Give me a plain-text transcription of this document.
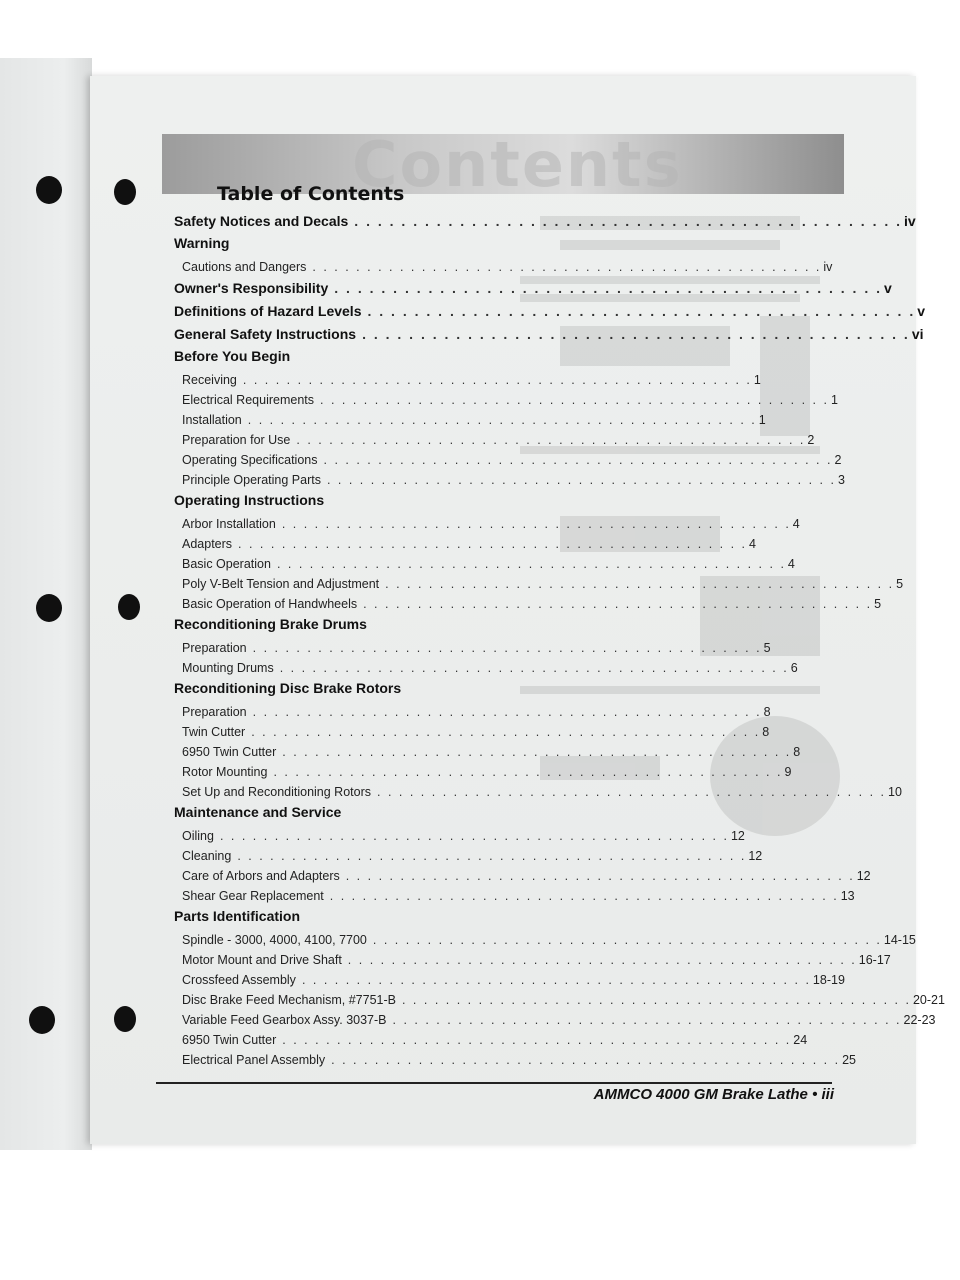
Contents
Table of Contents
Safety Notices and Decals . . . . . . . . . . . . . . . . . . . . . . . . . . . . . . . . . . . . . . . . . . . . . . . iv
Warning
Cautions and Dangers . . . . . . . . . . . . . . . . . . . . . . . . . . . . . . . . . . . . . . . . . . . . . . . iv
Owner's Responsibility . . . . . . . . . . . . . . . . . . . . . . . . . . . . . . . . . . . . . . . . . . . . . . . v
Definitions of Hazard Levels . . . . . . . . . . . . . . . . . . . . . . . . . . . . . . . . . . . . . . . . . . . . . . . v
General Safety Instructions . . . . . . . . . . . . . . . . . . . . . . . . . . . . . . . . . . . . . . . . . . . . . . . vi
Before You Begin
Receiving . . . . . . . . . . . . . . . . . . . . . . . . . . . . . . . . . . . . . . . . . . . . . . . 1
Electrical Requirements . . . . . . . . . . . . . . . . . . . . . . . . . . . . . . . . . . . . . . . . . . . . . . . 1
Installation . . . . . . . . . . . . . . . . . . . . . . . . . . . . . . . . . . . . . . . . . . . . . . . 1
Preparation for Use . . . . . . . . . . . . . . . . . . . . . . . . . . . . . . . . . . . . . . . . . . . . . . . 2
Operating Specifications . . . . . . . . . . . . . . . . . . . . . . . . . . . . . . . . . . . . . . . . . . . . . . . 2
Principle Operating Parts . . . . . . . . . . . . . . . . . . . . . . . . . . . . . . . . . . . . . . . . . . . . . . . 3
Operating Instructions
Arbor Installation . . . . . . . . . . . . . . . . . . . . . . . . . . . . . . . . . . . . . . . . . . . . . . . 4
Adapters . . . . . . . . . . . . . . . . . . . . . . . . . . . . . . . . . . . . . . . . . . . . . . . 4
Basic Operation . . . . . . . . . . . . . . . . . . . . . . . . . . . . . . . . . . . . . . . . . . . . . . . 4
Poly V-Belt Tension and Adjustment . . . . . . . . . . . . . . . . . . . . . . . . . . . . . . . . . . . . . . . . . . . . . . . 5
Basic Operation of Handwheels . . . . . . . . . . . . . . . . . . . . . . . . . . . . . . . . . . . . . . . . . . . . . . . 5
Reconditioning Brake Drums
Preparation . . . . . . . . . . . . . . . . . . . . . . . . . . . . . . . . . . . . . . . . . . . . . . . 5
Mounting Drums . . . . . . . . . . . . . . . . . . . . . . . . . . . . . . . . . . . . . . . . . . . . . . . 6
Reconditioning Disc Brake Rotors
Preparation . . . . . . . . . . . . . . . . . . . . . . . . . . . . . . . . . . . . . . . . . . . . . . . 8
Twin Cutter . . . . . . . . . . . . . . . . . . . . . . . . . . . . . . . . . . . . . . . . . . . . . . . 8
6950 Twin Cutter . . . . . . . . . . . . . . . . . . . . . . . . . . . . . . . . . . . . . . . . . . . . . . . 8
Rotor Mounting . . . . . . . . . . . . . . . . . . . . . . . . . . . . . . . . . . . . . . . . . . . . . . . 9
Set Up and Reconditioning Rotors . . . . . . . . . . . . . . . . . . . . . . . . . . . . . . . . . . . . . . . . . . . . . . . 10
Maintenance and Service
Oiling . . . . . . . . . . . . . . . . . . . . . . . . . . . . . . . . . . . . . . . . . . . . . . . 12
Cleaning . . . . . . . . . . . . . . . . . . . . . . . . . . . . . . . . . . . . . . . . . . . . . . . 12
Care of Arbors and Adapters . . . . . . . . . . . . . . . . . . . . . . . . . . . . . . . . . . . . . . . . . . . . . . . 12
Shear Gear Replacement . . . . . . . . . . . . . . . . . . . . . . . . . . . . . . . . . . . . . . . . . . . . . . . 13
Parts Identification
Spindle - 3000, 4000, 4100, 7700 . . . . . . . . . . . . . . . . . . . . . . . . . . . . . . . . . . . . . . . . . . . . . . . 14-15
Motor Mount and Drive Shaft . . . . . . . . . . . . . . . . . . . . . . . . . . . . . . . . . . . . . . . . . . . . . . . 16-17
Crossfeed Assembly . . . . . . . . . . . . . . . . . . . . . . . . . . . . . . . . . . . . . . . . . . . . . . . 18-19
Disc Brake Feed Mechanism, #7751-B . . . . . . . . . . . . . . . . . . . . . . . . . . . . . . . . . . . . . . . . . . . . . . . 20-21
Variable Feed Gearbox Assy. 3037-B . . . . . . . . . . . . . . . . . . . . . . . . . . . . . . . . . . . . . . . . . . . . . . . 22-23
6950 Twin Cutter . . . . . . . . . . . . . . . . . . . . . . . . . . . . . . . . . . . . . . . . . . . . . . . 24
Electrical Panel Assembly . . . . . . . . . . . . . . . . . . . . . . . . . . . . . . . . . . . . . . . . . . . . . . . 25
AMMCO 4000 GM Brake Lathe • iii
